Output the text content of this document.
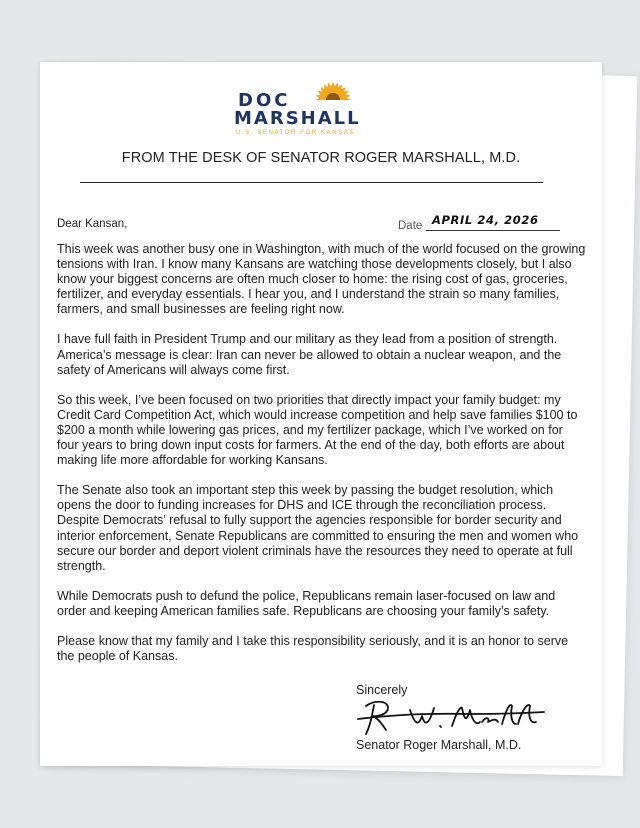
DOC
MARSHALL
U.S. SENATOR FOR KANSAS
FROM THE DESK OF SENATOR ROGER MARSHALL, M.D.
Dear Kansan,	Date APRIL 24, 2026

This week was another busy one in Washington, with much of the world focused on the growing tensions with Iran. I know many Kansans are watching those developments closely, but I also know your biggest concerns are often much closer to home: the rising cost of gas, groceries, fertilizer, and everyday essentials. I hear you, and I understand the strain so many families, farmers, and small businesses are feeling right now.

I have full faith in President Trump and our military as they lead from a position of strength. America’s message is clear: Iran can never be allowed to obtain a nuclear weapon, and the safety of Americans will always come first.

So this week, I’ve been focused on two priorities that directly impact your family budget: my Credit Card Competition Act, which would increase competition and help save families $100 to $200 a month while lowering gas prices, and my fertilizer package, which I’ve worked on for four years to bring down input costs for farmers. At the end of the day, both efforts are about making life more affordable for working Kansans.

The Senate also took an important step this week by passing the budget resolution, which opens the door to funding increases for DHS and ICE through the reconciliation process. Despite Democrats’ refusal to fully support the agencies responsible for border security and interior enforcement, Senate Republicans are committed to ensuring the men and women who secure our border and deport violent criminals have the resources they need to operate at full strength.

While Democrats push to defund the police, Republicans remain laser-focused on law and order and keeping American families safe. Republicans are choosing your family’s safety.

Please know that my family and I take this responsibility seriously, and it is an honor to serve the people of Kansas.

Sincerely
Senator Roger Marshall, M.D.
